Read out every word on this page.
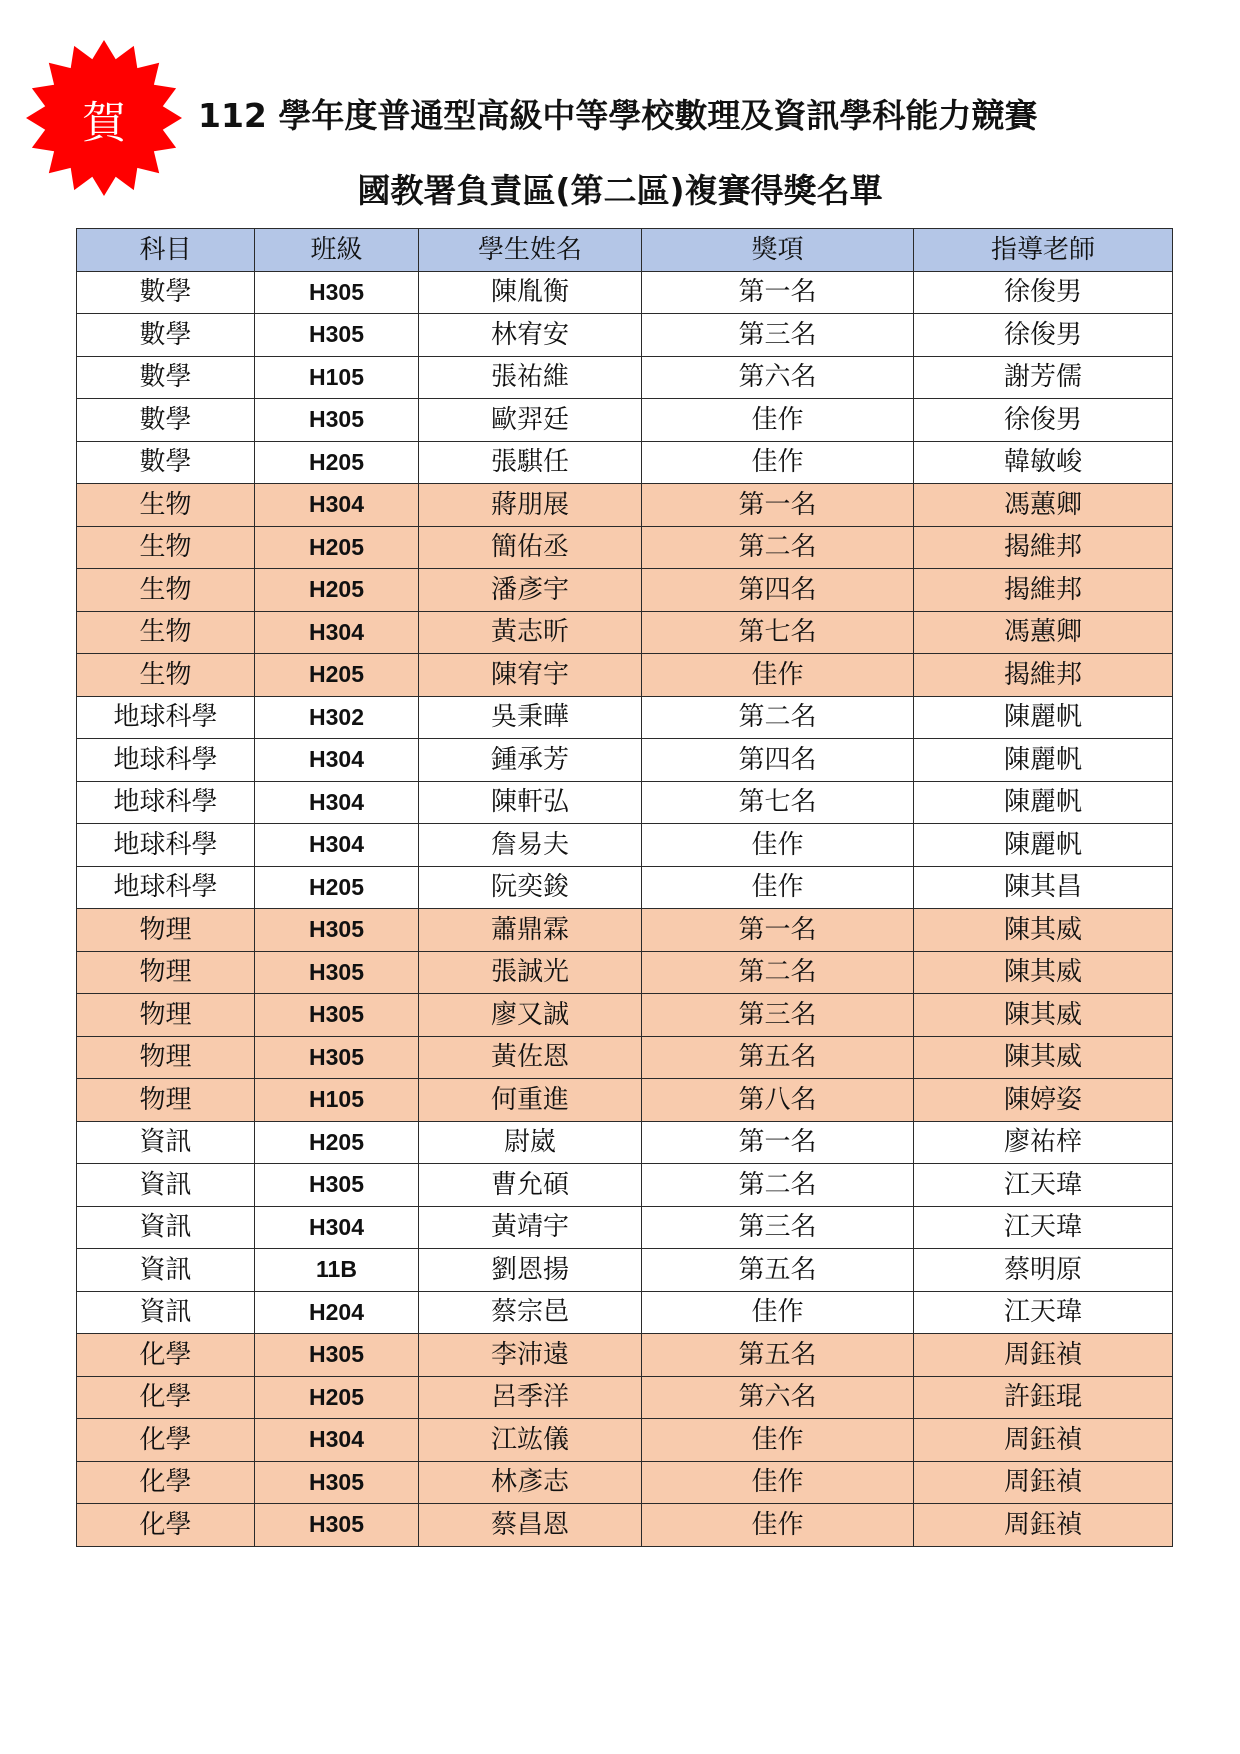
賀 112 學年度普通型高級中等學校數理及資訊學科能力競賽
國教署負責區(第二區)複賽得獎名單
科目	班級	學生姓名	獎項	指導老師
數學	H305	陳胤衡	第一名	徐俊男
數學	H305	林宥安	第三名	徐俊男
數學	H105	張祐維	第六名	謝芳儒
數學	H305	歐羿廷	佳作	徐俊男
數學	H205	張騏任	佳作	韓敏峻
生物	H304	蔣朋展	第一名	馮蕙卿
生物	H205	簡佑丞	第二名	揭維邦
生物	H205	潘彥宇	第四名	揭維邦
生物	H304	黃志昕	第七名	馮蕙卿
生物	H205	陳宥宇	佳作	揭維邦
地球科學	H302	吳秉曄	第二名	陳麗帆
地球科學	H304	鍾承芳	第四名	陳麗帆
地球科學	H304	陳軒弘	第七名	陳麗帆
地球科學	H304	詹易夫	佳作	陳麗帆
地球科學	H205	阮奕鋑	佳作	陳其昌
物理	H305	蕭鼎霖	第一名	陳其威
物理	H305	張誠光	第二名	陳其威
物理	H305	廖又誠	第三名	陳其威
物理	H305	黃佐恩	第五名	陳其威
物理	H105	何重進	第八名	陳婷姿
資訊	H205	尉崴	第一名	廖祐梓
資訊	H305	曹允碩	第二名	江天瑋
資訊	H304	黃靖宇	第三名	江天瑋
資訊	11B	劉恩揚	第五名	蔡明原
資訊	H204	蔡宗邑	佳作	江天瑋
化學	H305	李沛遠	第五名	周鈺禎
化學	H205	呂季洋	第六名	許鈺琨
化學	H304	江竑儀	佳作	周鈺禎
化學	H305	林彥志	佳作	周鈺禎
化學	H305	蔡昌恩	佳作	周鈺禎
